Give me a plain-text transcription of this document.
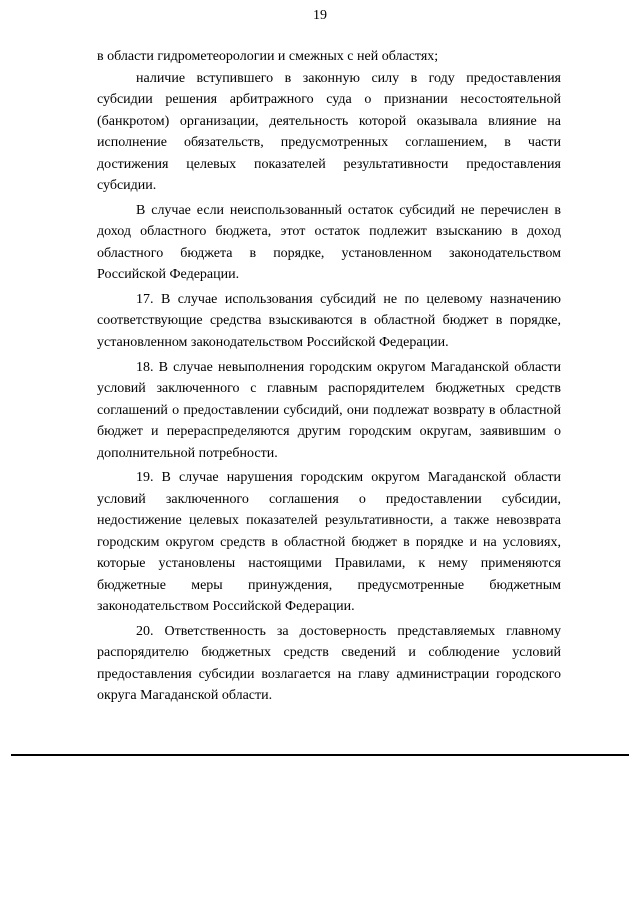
19

в области гидрометеорологии и смежных с ней областях;

наличие вступившего в законную силу в году предоставления субсидии решения арбитражного суда о признании несостоятельной (банкротом) организации, деятельность которой оказывала влияние на исполнение обязательств, предусмотренных соглашением, в части достижения целевых показателей результативности предоставления субсидии.

В случае если неиспользованный остаток субсидий не перечислен в доход областного бюджета, этот остаток подлежит взысканию в доход областного бюджета в порядке, установленном законодательством Российской Федерации.

17. В случае использования субсидий не по целевому назначению соответствующие средства взыскиваются в областной бюджет в порядке, установленном законодательством Российской Федерации.

18. В случае невыполнения городским округом Магаданской области условий заключенного с главным распорядителем бюджетных средств соглашений о предоставлении субсидий, они подлежат возврату в областной бюджет и перераспределяются другим городским округам, заявившим о дополнительной потребности.

19. В случае нарушения городским округом Магаданской области условий заключенного соглашения о предоставлении субсидии, недостижение целевых показателей результативности, а также невозврата городским округом средств в областной бюджет в порядке и на условиях, которые установлены настоящими Правилами, к нему применяются бюджетные меры принуждения, предусмотренные бюджетным законодательством Российской Федерации.

20. Ответственность за достоверность представляемых главному распорядителю бюджетных средств сведений и соблюдение условий предоставления субсидии возлагается на главу администрации городского округа Магаданской области.
